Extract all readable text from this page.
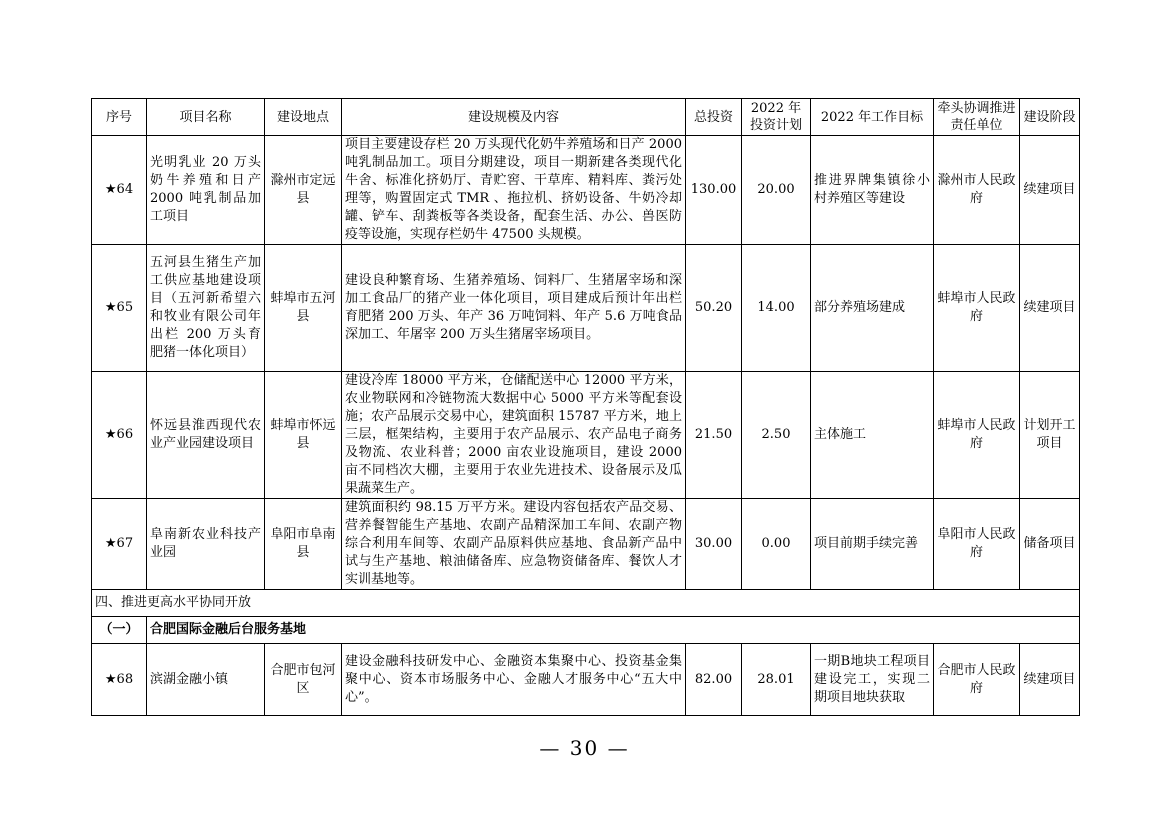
序号	项目名称	建设地点	建设规模及内容	总投资	2022 年投资计划	2022 年工作目标	牵头协调推进责任单位	建设阶段
★64	光明乳业 20 万头奶牛养殖和日产 2000 吨乳制品加工项目	滁州市定远县	项目主要建设存栏 20 万头现代化奶牛养殖场和日产 2000 吨乳制品加工。项目分期建设，项目一期新建各类现代化牛舍、标准化挤奶厅、青贮窖、干草库、精料库、粪污处理等，购置固定式 TMR 、拖拉机、挤奶设备、牛奶冷却罐、铲车、刮粪板等各类设备，配套生活、办公、兽医防疫等设施，实现存栏奶牛 47500 头规模。	130.00	20.00	推进界牌集镇徐小村养殖区等建设	滁州市人民政府	续建项目
★65	五河县生猪生产加工供应基地建设项目（五河新希望六和牧业有限公司年出栏 200 万头育肥猪一体化项目）	蚌埠市五河县	建设良种繁育场、生猪养殖场、饲料厂、生猪屠宰场和深加工食品厂的猪产业一体化项目，项目建成后预计年出栏育肥猪 200 万头、年产 36 万吨饲料、年产 5.6 万吨食品深加工、年屠宰 200 万头生猪屠宰场项目。	50.20	14.00	部分养殖场建成	蚌埠市人民政府	续建项目
★66	怀远县淮西现代农业产业园建设项目	蚌埠市怀远县	建设冷库 18000 平方米，仓储配送中心 12000 平方米，农业物联网和冷链物流大数据中心 5000 平方米等配套设施；农产品展示交易中心，建筑面积 15787 平方米，地上三层，框架结构，主要用于农产品展示、农产品电子商务及物流、农业科普；2000 亩农业设施项目，建设 2000 亩不同档次大棚，主要用于农业先进技术、设备展示及瓜果蔬菜生产。	21.50	2.50	主体施工	蚌埠市人民政府	计划开工项目
★67	阜南新农业科技产业园	阜阳市阜南县	建筑面积约 98.15 万平方米。建设内容包括农产品交易、营养餐智能生产基地、农副产品精深加工车间、农副产物综合利用车间等、农副产品原料供应基地、食品新产品中试与生产基地、粮油储备库、应急物资储备库、餐饮人才实训基地等。	30.00	0.00	项目前期手续完善	阜阳市人民政府	储备项目
四、推进更高水平协同开放								
（一）	合肥国际金融后台服务基地							
★68	滨湖金融小镇	合肥市包河区	建设金融科技研发中心、金融资本集聚中心、投资基金集聚中心、资本市场服务中心、金融人才服务中心“五大中心”。	82.00	28.01	一期B地块工程项目建设完工，实现二期项目地块获取	合肥市人民政府	续建项目
— 30 —
